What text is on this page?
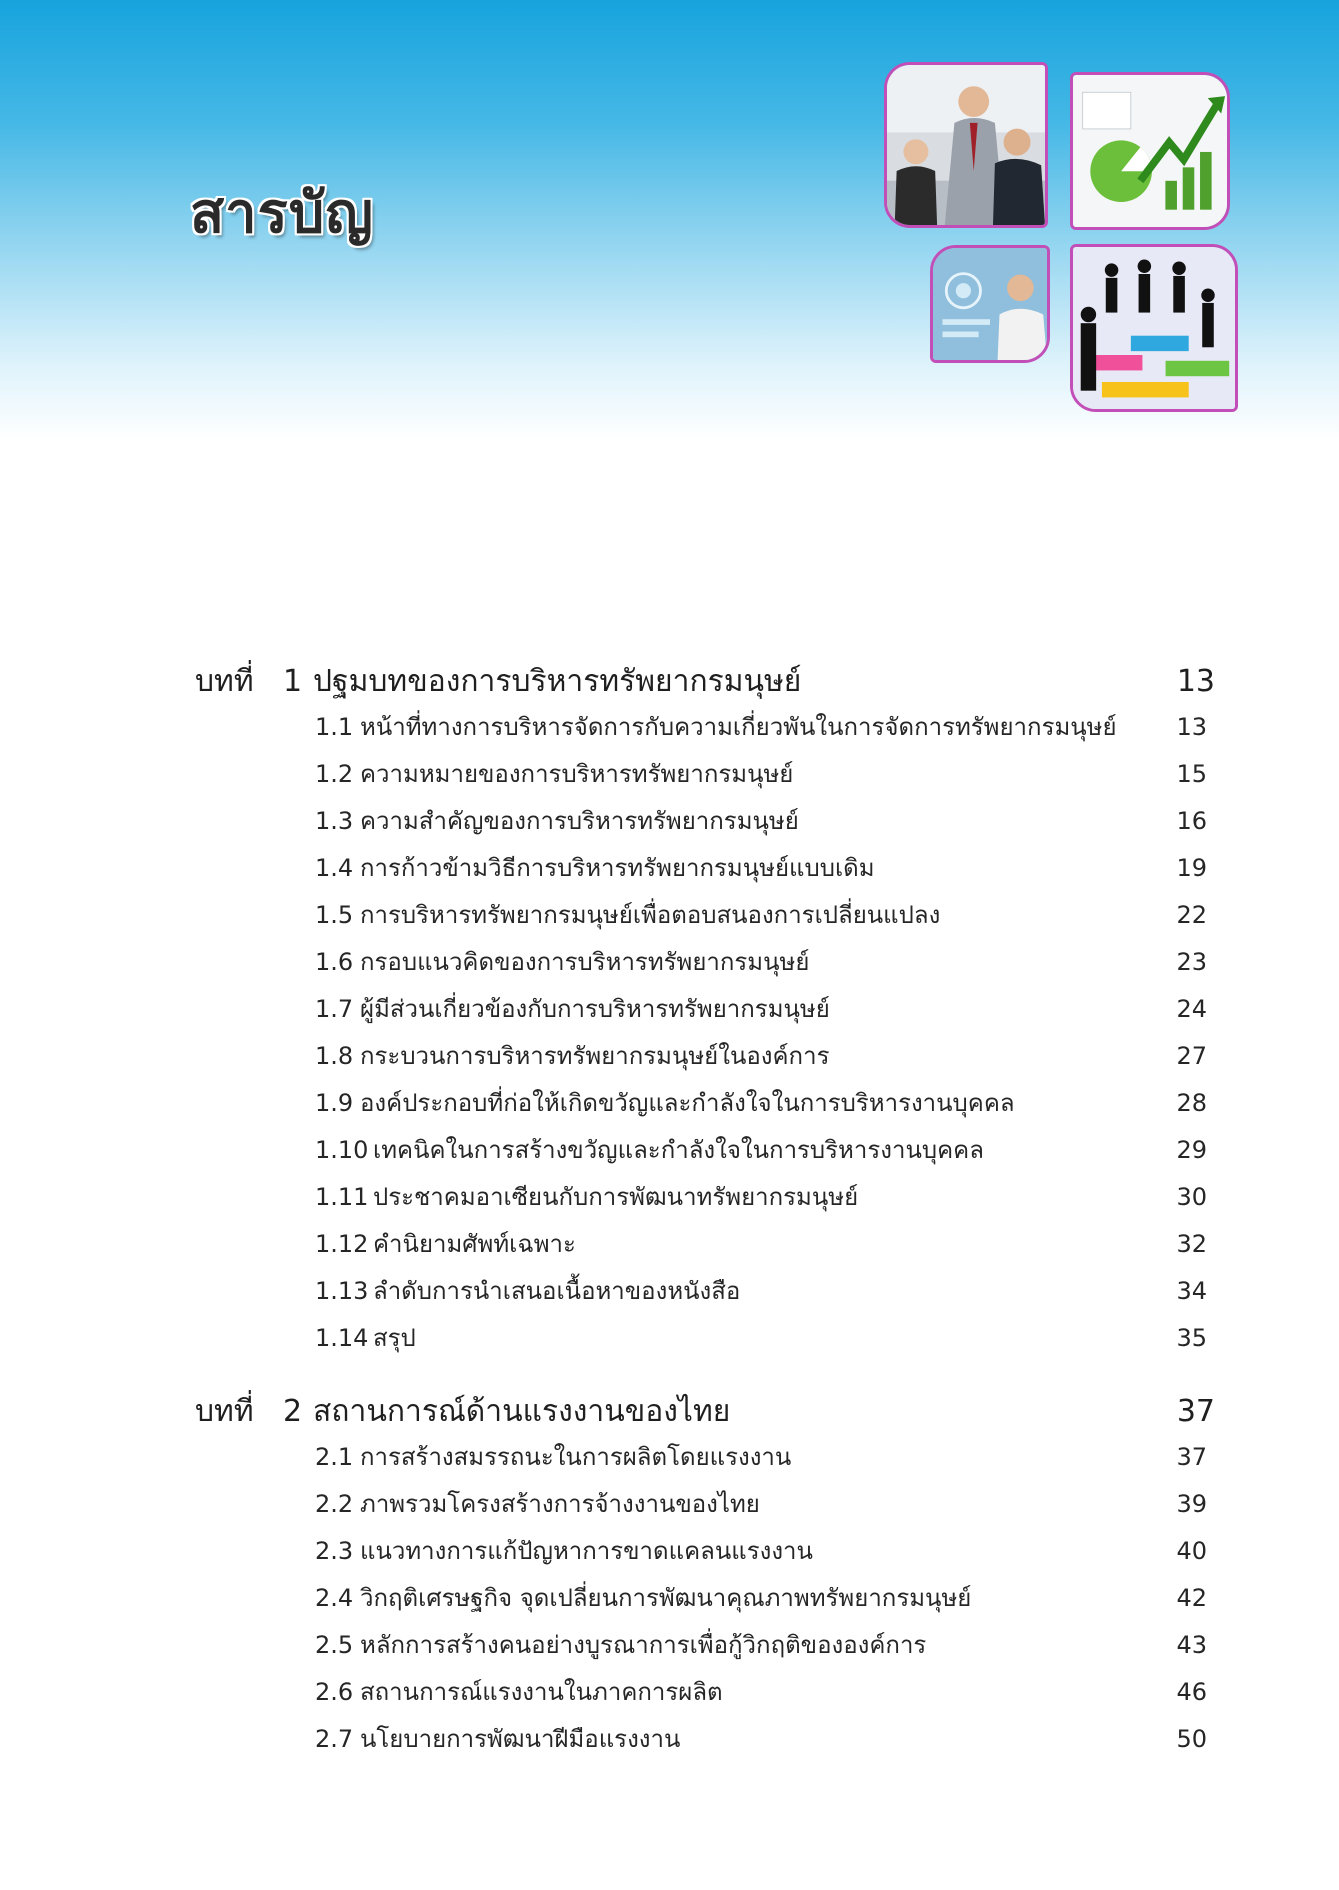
สารบัญ
บทที่ 1 ปฐมบทของการบริหารทรัพยากรมนุษย์	13
1.1 หน้าที่ทางการบริหารจัดการกับความเกี่ยวพันในการจัดการทรัพยากรมนุษย์ 13
1.2 ความหมายของการบริหารทรัพยากรมนุษย์	15
1.3 ความสำคัญของการบริหารทรัพยากรมนุษย์	16
1.4 การก้าวข้ามวิธีการบริหารทรัพยากรมนุษย์แบบเดิม	19
1.5 การบริหารทรัพยากรมนุษย์เพื่อตอบสนองการเปลี่ยนแปลง	22
1.6 กรอบแนวคิดของการบริหารทรัพยากรมนุษย์	23
1.7 ผู้มีส่วนเกี่ยวข้องกับการบริหารทรัพยากรมนุษย์	24
1.8 กระบวนการบริหารทรัพยากรมนุษย์ในองค์การ	27
1.9 องค์ประกอบที่ก่อให้เกิดขวัญและกำลังใจในการบริหารงานบุคคล	28
1.10 เทคนิคในการสร้างขวัญและกำลังใจในการบริหารงานบุคคล	29
1.11 ประชาคมอาเซียนกับการพัฒนาทรัพยากรมนุษย์	30
1.12 คำนิยามศัพท์เฉพาะ	32
1.13 ลำดับการนำเสนอเนื้อหาของหนังสือ	34
1.14 สรุป	35
บทที่ 2 สถานการณ์ด้านแรงงานของไทย	37
2.1 การสร้างสมรรถนะในการผลิตโดยแรงงาน	37
2.2 ภาพรวมโครงสร้างการจ้างงานของไทย	39
2.3 แนวทางการแก้ปัญหาการขาดแคลนแรงงาน	40
2.4 วิกฤติเศรษฐกิจ จุดเปลี่ยนการพัฒนาคุณภาพทรัพยากรมนุษย์	42
2.5 หลักการสร้างคนอย่างบูรณาการเพื่อกู้วิกฤติขององค์การ	43
2.6 สถานการณ์แรงงานในภาคการผลิต	46
2.7 นโยบายการพัฒนาฝีมือแรงงาน	50
